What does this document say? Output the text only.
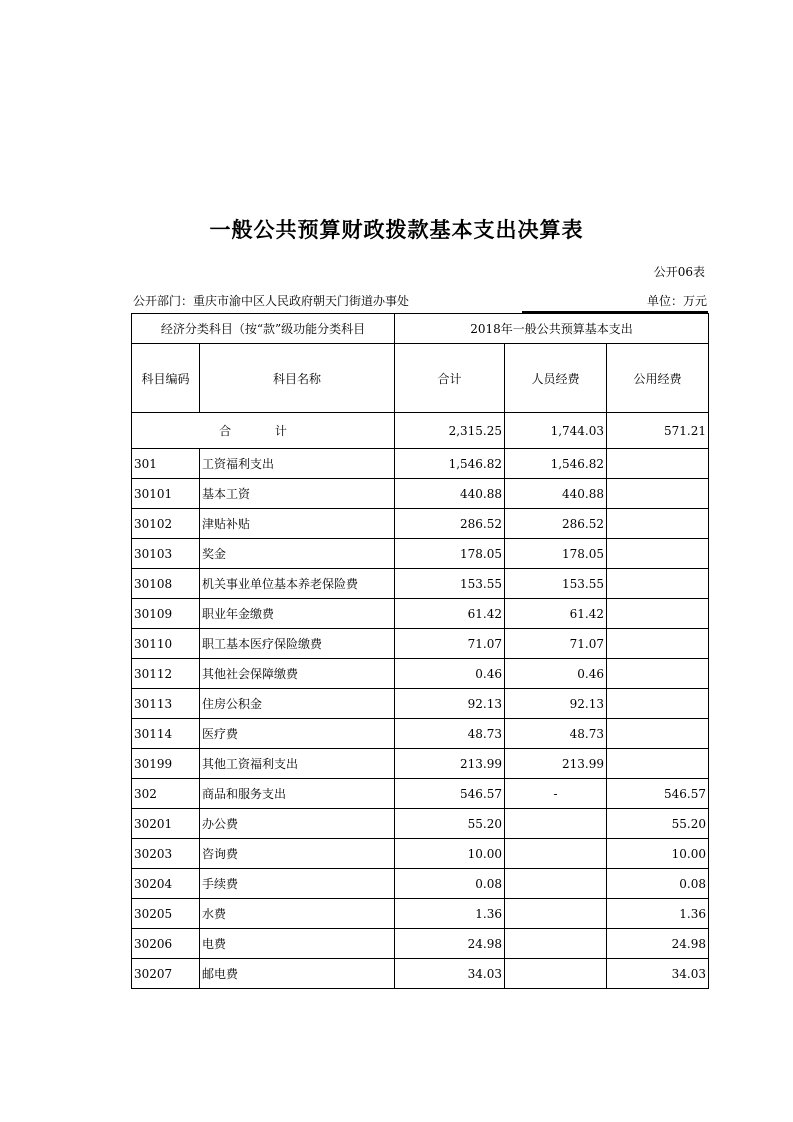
一般公共预算财政拨款基本支出决算表
公开06表
公开部门：重庆市渝中区人民政府朝天门街道办事处	单位：万元
经济分类科目（按“款”级功能分类科目		2018年一般公共预算基本支出		
科目编码	科目名称	合计	人员经费	公用经费
合 计		2,315.25	1,744.03	571.21
301	工资福利支出	1,546.82	1,546.82	
30101	基本工资	440.88	440.88	
30102	津贴补贴	286.52	286.52	
30103	奖金	178.05	178.05	
30108	机关事业单位基本养老保险费	153.55	153.55	
30109	职业年金缴费	61.42	61.42	
30110	职工基本医疗保险缴费	71.07	71.07	
30112	其他社会保障缴费	0.46	0.46	
30113	住房公积金	92.13	92.13	
30114	医疗费	48.73	48.73	
30199	其他工资福利支出	213.99	213.99	
302	商品和服务支出	546.57	-	546.57
30201	办公费	55.20		55.20
30203	咨询费	10.00		10.00
30204	手续费	0.08		0.08
30205	水费	1.36		1.36
30206	电费	24.98		24.98
30207	邮电费	34.03		34.03
